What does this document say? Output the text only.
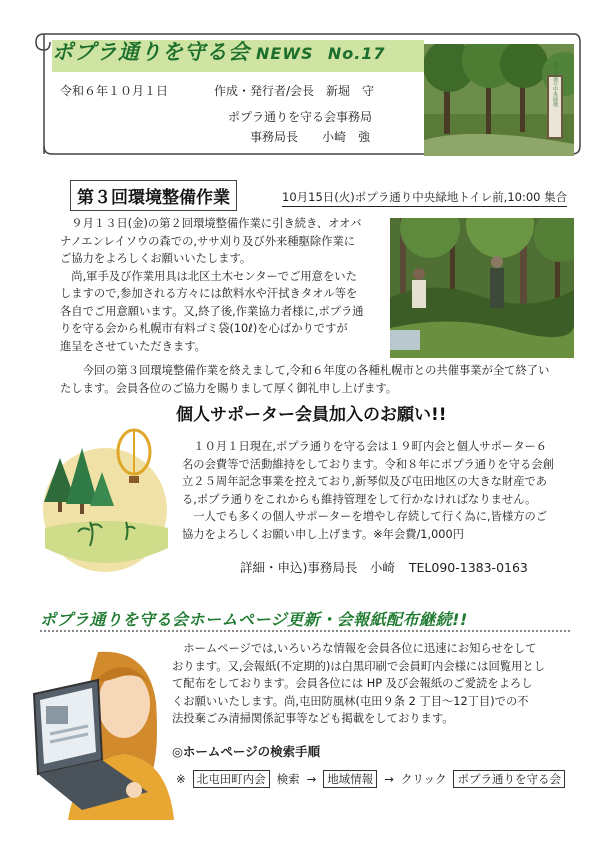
ポプラ通りを守る会 NEWS No.17
令和６年１０月１日	作成・発行者/会長　新堀　守
ポプラ通りを守る会事務局
事務局長　　小崎　強
ポプラ通り中央緑地
第３回環境整備作業	10月15日(火)ポプラ通り中央緑地トイレ前,10:00 集合
９月１３日(金)の第２回環境整備作業に引き続き、オオバ
ナノエンレイソウの森での,ササ刈り及び外来種駆除作業に
ご協力をよろしくお願いいたします。
尚,軍手及び作業用具は北区土木センターでご用意をいた
しますので,参加される方々には飲料水や汗拭きタオル等を
各自でご用意願います。又,終了後,作業協力者様に,ポプラ通
りを守る会から札幌市有料ゴミ袋(10ℓ)を心ばかりですが
進呈をさせていただきます。
今回の第３回環境整備作業を終えまして,令和６年度の各種札幌市との共催事業が全て終了い
たします。会員各位のご協力を賜りまして厚く御礼申し上げます。
個人サポーター会員加入のお願い!!
１０月１日現在,ポプラ通りを守る会は１９町内会と個人サポーター６
名の会費等で活動維持をしております。令和８年にポプラ通りを守る会創
立２５周年記念事業を控えており,新琴似及び屯田地区の大きな財産であ
る,ポプラ通りをこれからも維持管理をして行かなければなりません。
一人でも多くの個人サポーターを増やし存続して行く為に,皆様方のご
協力をよろしくお願い申し上げます。※年会費/1,000円
詳細・申込)事務局長　小崎 TEL090-1383-0163
ポプラ通りを守る会ホームページ更新・会報紙配布継続!!
ホームページでは,いろいろな情報を会員各位に迅速にお知らせをして
おります。又,会報紙(不定期的)は白黒印刷で会員町内会様には回覧用とし
て配布をしております。会員各位には HP 及び会報紙のご愛読をよろし
くお願いいたします。尚,屯田防風林(屯田９条 2 丁目～12丁目)での不
法投棄ごみ清掃関係記事等なども掲載をしております。
◎ホームページの検索手順
※ 北屯田町内会 検索 → 地域情報 → クリック ポプラ通りを守る会
